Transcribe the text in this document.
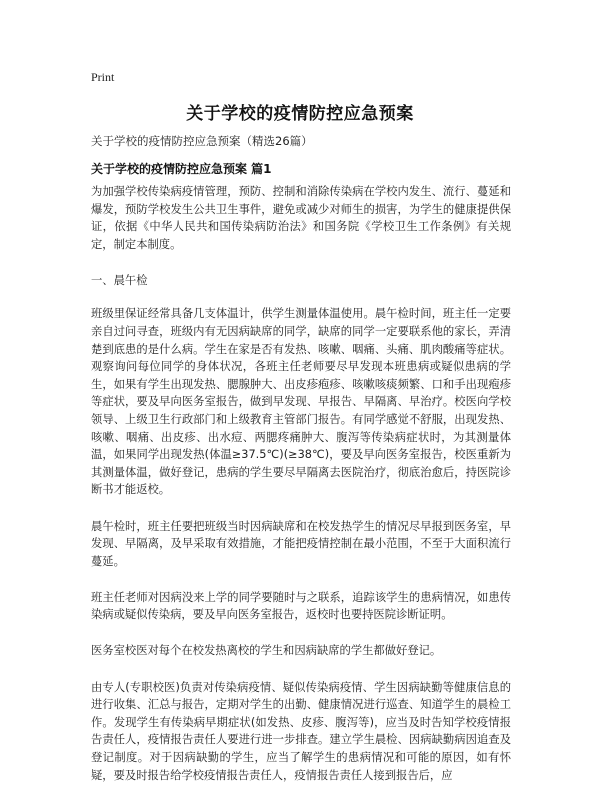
Print
关于学校的疫情防控应急预案
关于学校的疫情防控应急预案（精选26篇）
关于学校的疫情防控应急预案 篇1

为加强学校传染病疫情管理，预防、控制和消除传染病在学校内发生、流行、蔓延和爆发，预防学校发生公共卫生事件，避免或减少对师生的损害，为学生的健康提供保证，依据《中华人民共和国传染病防治法》和国务院《学校卫生工作条例》有关规定，制定本制度。

一、晨午检

班级里保证经常具备几支体温计，供学生测量体温使用。晨午检时间，班主任一定要亲自过问寻查，班级内有无因病缺席的同学，缺席的同学一定要联系他的家长，弄清楚到底患的是什么病。学生在家是否有发热、咳嗽、咽痛、头痛、肌肉酸痛等症状。观察询问每位同学的身体状况，各班主任老师要尽早发现本班患病或疑似患病的学生，如果有学生出现发热、腮腺肿大、出皮疹疱疹、咳嗽咳痰频繁、口和手出现疱疹等症状，要及早向医务室报告，做到早发现、早报告、早隔离、早治疗。校医向学校领导、上级卫生行政部门和上级教育主管部门报告。有同学感觉不舒服，出现发热、咳嗽、咽痛、出皮疹、出水痘、两腮疼痛肿大、腹泻等传染病症状时，为其测量体温，如果同学出现发热(体温≥37.5℃)(≥38℃)，要及早向医务室报告，校医重新为其测量体温，做好登记，患病的学生要尽早隔离去医院治疗，彻底治愈后，持医院诊断书才能返校。

晨午检时，班主任要把班级当时因病缺席和在校发热学生的情况尽早报到医务室，早发现、早隔离，及早采取有效措施，才能把疫情控制在最小范围，不至于大面积流行蔓延。

班主任老师对因病没来上学的同学要随时与之联系，追踪该学生的患病情况，如患传染病或疑似传染病，要及早向医务室报告，返校时也要持医院诊断证明。

医务室校医对每个在校发热离校的学生和因病缺席的学生都做好登记。

由专人(专职校医)负责对传染病疫情、疑似传染病疫情、学生因病缺勤等健康信息的进行收集、汇总与报告，定期对学生的出勤、健康情况进行巡查、知道学生的晨检工作。发现学生有传染病早期症状(如发热、皮疹、腹泻等)，应当及时告知学校疫情报告责任人，疫情报告责任人要进行进一步排查。建立学生晨检、因病缺勤病因追查及登记制度。对于因病缺勤的学生，应当了解学生的患病情况和可能的原因，如有怀疑，要及时报告给学校疫情报告责任人，疫情报告责任人接到报告后，应
